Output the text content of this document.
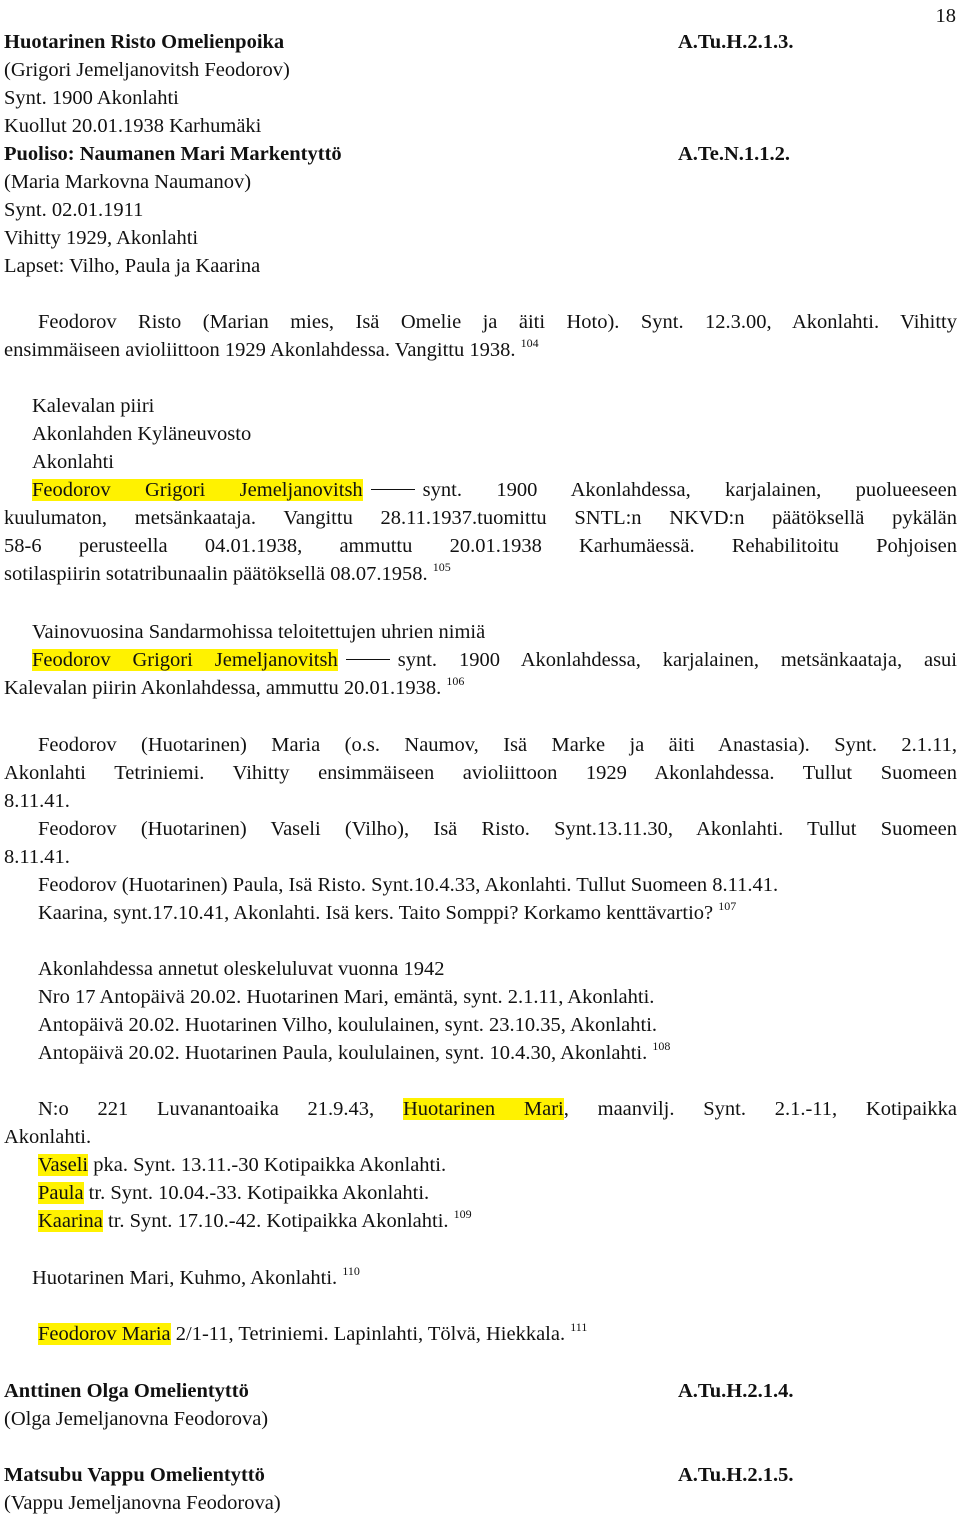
18
Huotarinen Risto Omelienpoika	A.Tu.H.2.1.3.
(Grigori Jemeljanovitsh Feodorov)
Synt. 1900 Akonlahti
Kuollut 20.01.1938 Karhumäki
Puoliso: Naumanen Mari Markentyttö	A.Te.N.1.1.2.
(Maria Markovna Naumanov)
Synt. 02.01.1911
Vihitty 1929, Akonlahti
Lapset: Vilho, Paula ja Kaarina
Feodorov Risto (Marian mies, Isä Omelie ja äiti Hoto). Synt. 12.3.00, Akonlahti. Vihitty
ensimmäiseen avioliittoon 1929 Akonlahdessa. Vangittu 1938. $^{104}$
Kalevalan piiri
Akonlahden Kyläneuvosto
Akonlahti
Feodorov Grigori Jemeljanovitsh	synt. 1900 Akonlahdessa, karjalainen, puolueeseen
kuulumaton, metsänkaataja. Vangittu 28.11.1937.tuomittu SNTL:n NKVD:n päätöksellä pykälän
58-6 perusteella 04.01.1938, ammuttu 20.01.1938 Karhumäessä. Rehabilitoitu Pohjoisen
sotilaspiirin sotatribunaalin päätöksellä 08.07.1958. $^{105}$
Vainovuosina Sandarmohissa teloitettujen uhrien nimiä
Feodorov Grigori Jemeljanovitsh	synt. 1900 Akonlahdessa, karjalainen, metsänkaataja, asui
Kalevalan piirin Akonlahdessa, ammuttu 20.01.1938. $^{106}$
Feodorov (Huotarinen) Maria (o.s. Naumov, Isä Marke ja äiti Anastasia). Synt. 2.1.11,
Akonlahti Tetriniemi. Vihitty ensimmäiseen avioliittoon 1929 Akonlahdessa. Tullut Suomeen
8.11.41.
Feodorov (Huotarinen) Vaseli (Vilho), Isä Risto. Synt.13.11.30, Akonlahti. Tullut Suomeen
8.11.41.
Feodorov (Huotarinen) Paula, Isä Risto. Synt.10.4.33, Akonlahti. Tullut Suomeen 8.11.41.
Kaarina, synt.17.10.41, Akonlahti. Isä kers. Taito Somppi? Korkamo kenttävartio? $^{107}$
Akonlahdessa annetut oleskeluluvat vuonna 1942
Nro 17 Antopäivä 20.02. Huotarinen Mari, emäntä, synt. 2.1.11, Akonlahti.
Antopäivä 20.02. Huotarinen Vilho, koululainen, synt. 23.10.35, Akonlahti.
Antopäivä 20.02. Huotarinen Paula, koululainen, synt. 10.4.30, Akonlahti. $^{108}$
N:o 221 Luvanantoaika 21.9.43, Huotarinen Mari, maanvilj. Synt. 2.1.-11, Kotipaikka
Akonlahti.
Vaseli pka. Synt. 13.11.-30 Kotipaikka Akonlahti.
Paula tr. Synt. 10.04.-33. Kotipaikka Akonlahti.
Kaarina tr. Synt. 17.10.-42. Kotipaikka Akonlahti. $^{109}$
Huotarinen Mari, Kuhmo, Akonlahti. $^{110}$
Feodorov Maria 2/1-11, Tetriniemi. Lapinlahti, Tölvä, Hiekkala. $^{111}$
Anttinen Olga Omelientyttö	A.Tu.H.2.1.4.
(Olga Jemeljanovna Feodorova)
Matsubu Vappu Omelientyttö	A.Tu.H.2.1.5.
(Vappu Jemeljanovna Feodorova)
